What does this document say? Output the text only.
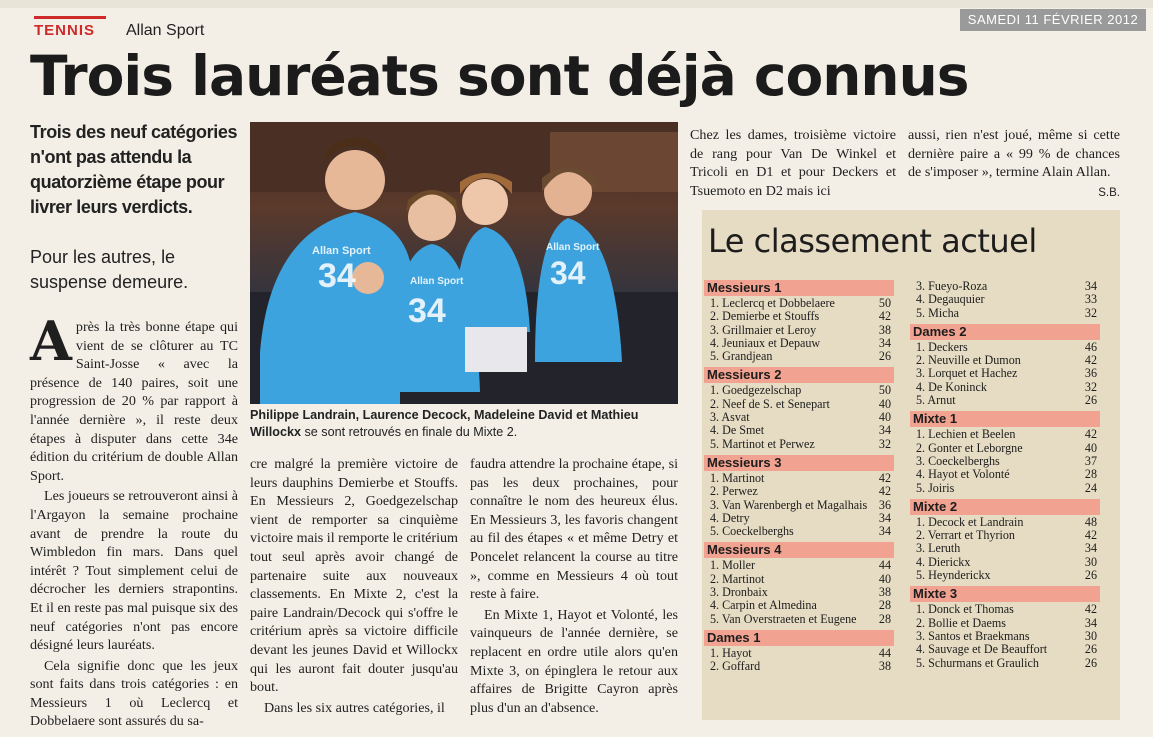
TENNIS Allan Sport
SAMEDI 11 FÉVRIER 2012
Trois lauréats sont déjà connus
Trois des neuf catégories n'ont pas attendu la quatorzième étape pour livrer leurs verdicts.
Pour les autres, le suspense demeure.

Après la très bonne étape qui vient de se clôturer au TC Saint-Josse « avec la présence de 140 paires, soit une progression de 20 % par rapport à l'année dernière », il reste deux étapes à disputer dans cette 34e édition du critérium de double Allan Sport.

Les joueurs se retrouveront ainsi à l'Argayon la semaine prochaine avant de prendre la route du Wimbledon fin mars. Dans quel intérêt ? Tout simplement celui de décrocher les derniers strapontins. Et il en reste pas mal puisque six des neuf catégories n'ont pas encore désigné leurs lauréats.

Cela signifie donc que les jeux sont faits dans trois catégories : en Messieurs 1 où Leclercq et Dobbelaere sont assurés du sa-

34
34
34
Allan Sport
Allan Sport
Allan Sport
Philippe Landrain, Laurence Decock, Madeleine David et Mathieu Willockx se sont retrouvés en finale du Mixte 2.

cre malgré la première victoire de leurs dauphins Demierbe et Stouffs. En Messieurs 2, Goedgezelschap vient de remporter sa cinquième victoire mais il remporte le critérium tout seul après avoir changé de partenaire suite aux nouveaux classements. En Mixte 2, c'est la paire Landrain/Decock qui s'offre le critérium après sa victoire difficile devant les jeunes David et Willockx qui les auront fait douter jusqu'au bout.

Dans les six autres catégories, il

faudra attendre la prochaine étape, si pas les deux prochaines, pour connaître le nom des heureux élus. En Messieurs 3, les favoris changent au fil des étapes « et même Detry et Poncelet relancent la course au titre », comme en Messieurs 4 où tout reste à faire.

En Mixte 1, Hayot et Volonté, les vainqueurs de l'année dernière, se replacent en ordre utile alors qu'en Mixte 3, on épinglera le retour aux affaires de Brigitte Cayron après plus d'un an d'absence.

Chez les dames, troisième victoire de rang pour Van De Winkel et Tricoli en D1 et pour Deckers et Tsuemoto en D2 mais ici

aussi, rien n'est joué, même si cette dernière paire a « 99 % de chances de s'imposer », termine Alain Allan.

S.B.

Le classement actuel
Messieurs 1
1. Leclercq et Dobbelaere	50
2. Demierbe et Stouffs	42
3. Grillmaier et Leroy	38
4. Jeuniaux et Depauw	34
5. Grandjean	26
Messieurs 2
1. Goedgezelschap	50
2. Neef de S. et Senepart	40
3. Asvat	40
4. De Smet	34
5. Martinot et Perwez	32
Messieurs 3
1. Martinot	42
2. Perwez	42
3. Van Warenbergh et Magalhais 36
4. Detry	34
5. Coeckelberghs	34
Messieurs 4
1. Moller	44
2. Martinot	40
3. Dronbaix	38
4. Carpin et Almedina	28
5. Van Overstraeten et Eugene 28
Dames 1
1. Hayot	44
2. Goffard	38
3. Fueyo-Roza	34
4. Degauquier	33
5. Micha	32
Dames 2
1. Deckers	46
2. Neuville et Dumon	42
3. Lorquet et Hachez	36
4. De Koninck	32
5. Arnut	26
Mixte 1
1. Lechien et Beelen	42
2. Gonter et Leborgne	40
3. Coeckelberghs	37
4. Hayot et Volonté	28
5. Joiris	24
Mixte 2
1. Decock et Landrain	48
2. Verrart et Thyrion	42
3. Leruth	34
4. Dierickx	30
5. Heynderickx	26
Mixte 3
1. Donck et Thomas	42
2. Bollie et Daems	34
3. Santos et Braekmans	30
4. Sauvage et De Beauffort	26
5. Schurmans et Graulich	26
